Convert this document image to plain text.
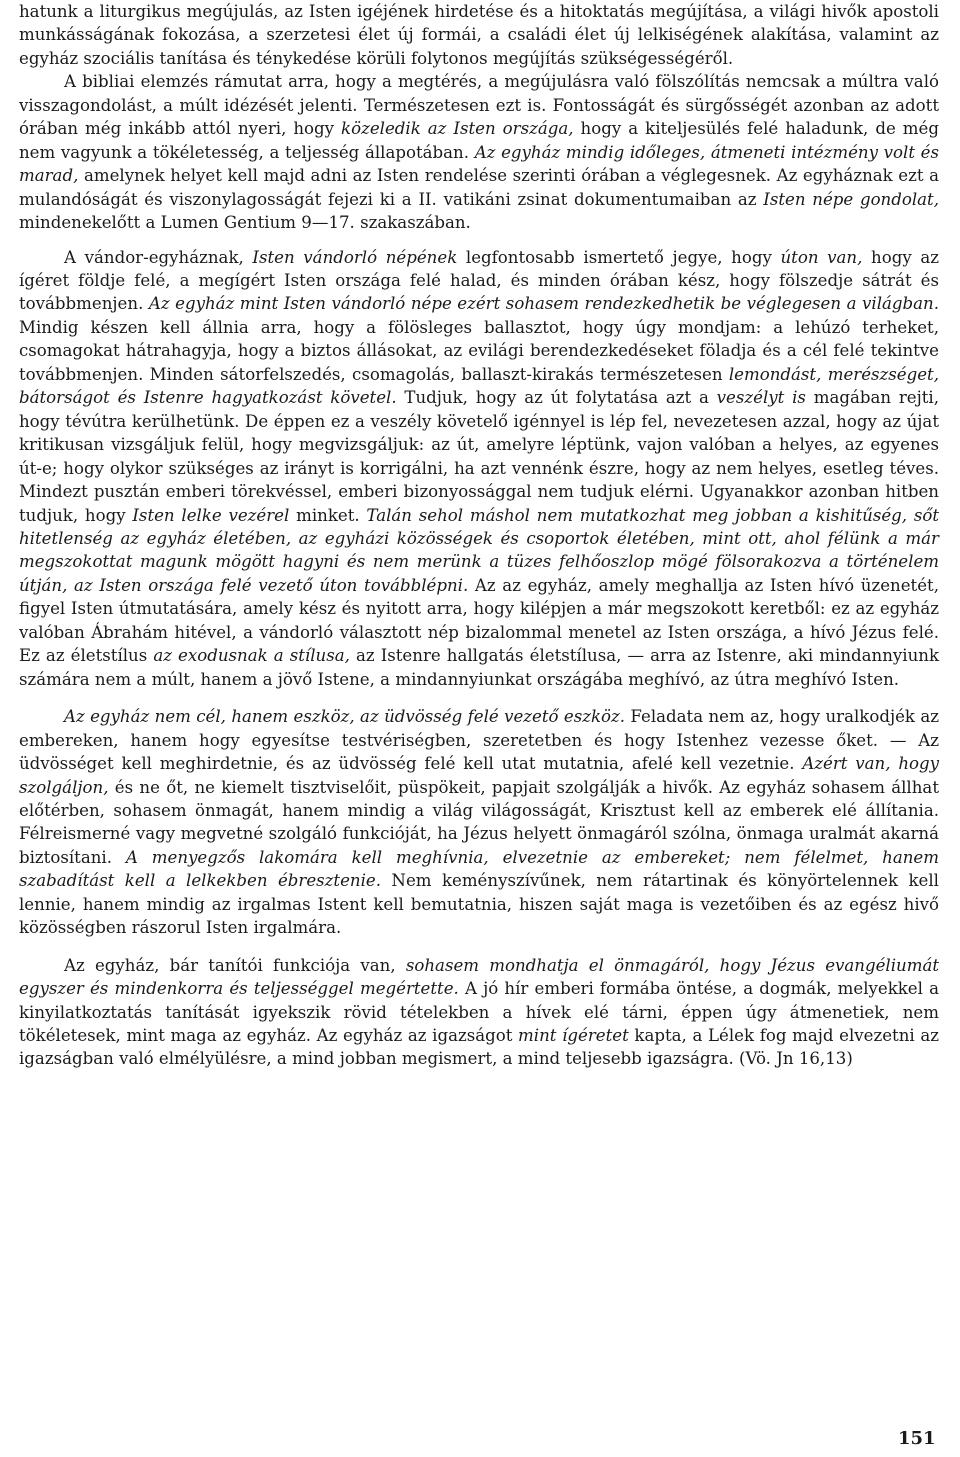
hatunk a liturgikus megújulás, az Isten igéjének hirdetése és a hitoktatás megújítása, a világi hivők apostoli munkásságának fokozása, a szerzetesi élet új formái, a családi élet új lelkiségének alakítása, valamint az egyház szociális tanítása és ténykedése körüli folytonos megújítás szükségességéről.

A bibliai elemzés rámutat arra, hogy a megtérés, a megújulásra való fölszólítás nemcsak a múltra való visszagondolást, a múlt idézését jelenti. Természetesen ezt is. Fontosságát és sürgősségét azonban az adott órában még inkább attól nyeri, hogy közeledik az Isten országa, hogy a kiteljesülés felé haladunk, de még nem vagyunk a tökéletesség, a teljesség állapotában. Az egyház mindig időleges, átmeneti intézmény volt és marad, amelynek helyet kell majd adni az Isten rendelése szerinti órában a véglegesnek. Az egyháznak ezt a mulandóságát és viszonylagosságát fejezi ki a II. vatikáni zsinat dokumentumaiban az Isten népe gondolat, mindenekelőtt a Lumen Gentium 9—17. szakaszában.

A vándor-egyháznak, Isten vándorló népének legfontosabb ismertető jegye, hogy úton van, hogy az ígéret földje felé, a megígért Isten országa felé halad, és minden órában kész, hogy fölszedje sátrát és továbbmenjen. Az egyház mint Isten vándorló népe ezért sohasem rendezkedhetik be véglegesen a világban. Mindig készen kell állnia arra, hogy a fölösleges ballasztot, hogy úgy mondjam: a lehúzó terheket, csomagokat hátrahagyja, hogy a biztos állásokat, az evilági berendezkedéseket föladja és a cél felé tekintve továbbmenjen. Minden sátorfelszedés, csomagolás, ballaszt-kirakás természetesen lemondást, merészséget, bátorságot és Istenre hagyatkozást követel. Tudjuk, hogy az út folytatása azt a veszélyt is magában rejti, hogy tévútra kerülhetünk. De éppen ez a veszély követelő igénnyel is lép fel, nevezetesen azzal, hogy az újat kritikusan vizsgáljuk felül, hogy megvizsgáljuk: az út, amelyre léptünk, vajon valóban a helyes, az egyenes út-e; hogy olykor szükséges az irányt is korrigálni, ha azt vennénk észre, hogy az nem helyes, esetleg téves. Mindezt pusztán emberi törekvéssel, emberi bizonyossággal nem tudjuk elérni. Ugyanakkor azonban hitben tudjuk, hogy Isten lelke vezérel minket. Talán sehol máshol nem mutatkozhat meg jobban a kishitűség, sőt hitetlenség az egyház életében, az egyházi közösségek és csoportok életében, mint ott, ahol félünk a már megszokottat magunk mögött hagyni és nem merünk a tüzes felhőoszlop mögé fölsorakozva a történelem útján, az Isten országa felé vezető úton továbblépni. Az az egyház, amely meghallja az Isten hívó üzenetét, figyel Isten útmutatására, amely kész és nyitott arra, hogy kilépjen a már megszokott keretből: ez az egyház valóban Ábrahám hitével, a vándorló választott nép bizalommal menetel az Isten országa, a hívó Jézus felé. Ez az életstílus az exodusnak a stílusa, az Istenre hallgatás életstílusa, — arra az Istenre, aki mindannyiunk számára nem a múlt, hanem a jövő Istene, a mindannyiunkat országába meghívó, az útra meghívó Isten.

Az egyház nem cél, hanem eszköz, az üdvösség felé vezető eszköz. Feladata nem az, hogy uralkodjék az embereken, hanem hogy egyesítse testvériségben, szeretetben és hogy Istenhez vezesse őket. — Az üdvösséget kell meghirdetnie, és az üdvösség felé kell utat mutatnia, afelé kell vezetnie. Azért van, hogy szolgáljon, és ne őt, ne kiemelt tisztviselőit, püspökeit, papjait szolgálják a hivők. Az egyház sohasem állhat előtérben, sohasem önmagát, hanem mindig a világ világosságát, Krisztust kell az emberek elé állítania. Félreismerné vagy megvetné szolgáló funkcióját, ha Jézus helyett önmagáról szólna, önmaga uralmát akarná biztosítani. A menyegzős lakomára kell meghívnia, elvezetnie az embereket; nem félelmet, hanem szabadítást kell a lelkekben ébresztenie. Nem keményszívűnek, nem rátartinak és könyörtelennek kell lennie, hanem mindig az irgalmas Istent kell bemutatnia, hiszen saját maga is vezetőiben és az egész hivő közösségben rászorul Isten irgalmára.

Az egyház, bár tanítói funkciója van, sohasem mondhatja el önmagáról, hogy Jézus evangéliumát egyszer és mindenkorra és teljességgel megértette. A jó hír emberi formába öntése, a dogmák, melyekkel a kinyilatkoztatás tanítását igyekszik rövid tételekben a hívek elé tárni, éppen úgy átmenetiek, nem tökéletesek, mint maga az egyház. Az egyház az igazságot mint ígéretet kapta, a Lélek fog majd elvezetni az igazságban való elmélyülésre, a mind jobban megismert, a mind teljesebb igazságra. (Vö. Jn 16,13)

151
